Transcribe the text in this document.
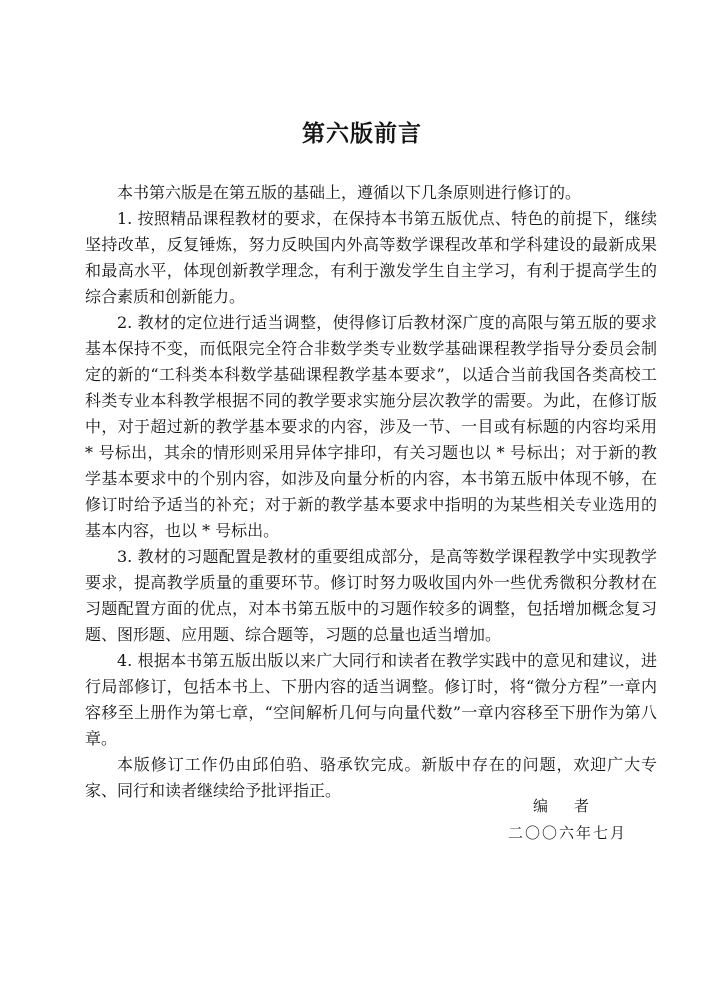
第六版前言

本书第六版是在第五版的基础上，遵循以下几条原则进行修订的。

1. 按照精品课程教材的要求，在保持本书第五版优点、特色的前提下，继续坚持改革，反复锤炼，努力反映国内外高等数学课程改革和学科建设的最新成果和最高水平，体现创新教学理念，有利于激发学生自主学习，有利于提高学生的综合素质和创新能力。

2. 教材的定位进行适当调整，使得修订后教材深广度的高限与第五版的要求基本保持不变，而低限完全符合非数学类专业数学基础课程教学指导分委员会制定的新的“工科类本科数学基础课程教学基本要求”，以适合当前我国各类高校工科类专业本科教学根据不同的教学要求实施分层次教学的需要。为此，在修订版中，对于超过新的教学基本要求的内容，涉及一节、一目或有标题的内容均采用 * 号标出，其余的情形则采用异体字排印，有关习题也以 * 号标出；对于新的教学基本要求中的个别内容，如涉及向量分析的内容，本书第五版中体现不够，在修订时给予适当的补充；对于新的教学基本要求中指明的为某些相关专业选用的基本内容，也以 * 号标出。

3. 教材的习题配置是教材的重要组成部分，是高等数学课程教学中实现教学要求，提高教学质量的重要环节。修订时努力吸收国内外一些优秀微积分教材在习题配置方面的优点，对本书第五版中的习题作较多的调整，包括增加概念复习题、图形题、应用题、综合题等，习题的总量也适当增加。

4. 根据本书第五版出版以来广大同行和读者在教学实践中的意见和建议，进行局部修订，包括本书上、下册内容的适当调整。修订时，将“微分方程”一章内容移至上册作为第七章，“空间解析几何与向量代数”一章内容移至下册作为第八章。

本版修订工作仍由邱伯驺、骆承钦完成。新版中存在的问题，欢迎广大专家、同行和读者继续给予批评指正。

编者
二〇〇六年七月
